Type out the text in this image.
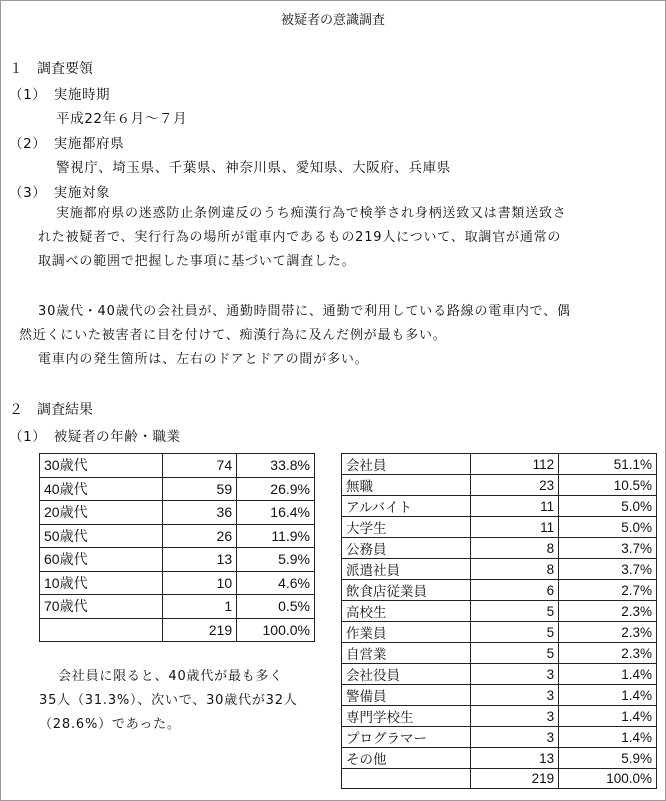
被疑者の意識調査
１　調査要領
（1）　実施時期
平成22年６月～７月
（2）　実施都府県
警視庁、埼玉県、千葉県、神奈川県、愛知県、大阪府、兵庫県
（3）　実施対象
実施都府県の迷惑防止条例違反のうち痴漢行為で検挙され身柄送致又は書類送致さ
れた被疑者で、実行行為の場所が電車内であるもの219人について、取調官が通常の
取調べの範囲で把握した事項に基づいて調査した。
30歳代・40歳代の会社員が、通勤時間帯に、通勤で利用している路線の電車内で、偶
然近くにいた被害者に目を付けて、痴漢行為に及んだ例が最も多い。
電車内の発生箇所は、左右のドアとドアの間が多い。
２　調査結果
（1）　被疑者の年齢・職業
30歳代	74	33.8%
40歳代	59	26.9%
20歳代	36	16.4%
50歳代	26	11.9%
60歳代	13	5.9%
10歳代	10	4.6%
70歳代	1	0.5%
	219	100.0%
会社員に限ると、40歳代が最も多く
35人（31.3%）、次いで、30歳代が32人
（28.6%）であった。
会社員	112	51.1%
無職	23	10.5%
アルバイト	11	5.0%
大学生	11	5.0%
公務員	8	3.7%
派遣社員	8	3.7%
飲食店従業員	6	2.7%
高校生	5	2.3%
作業員	5	2.3%
自営業	5	2.3%
会社役員	3	1.4%
警備員	3	1.4%
専門学校生	3	1.4%
プログラマー	3	1.4%
その他	13	5.9%
	219	100.0%
